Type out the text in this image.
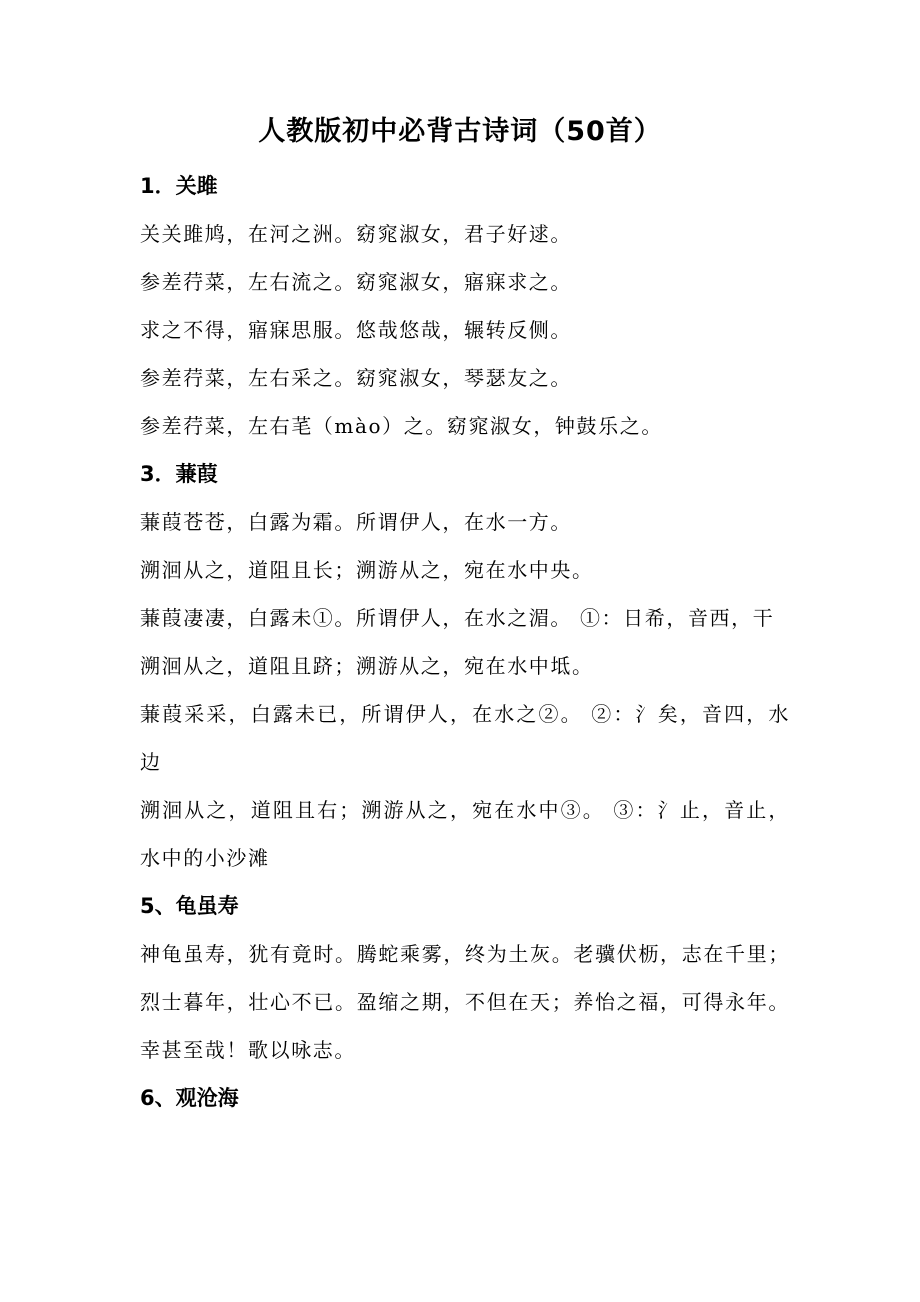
人教版初中必背古诗词（50首）
1．关雎
关关雎鸠，在河之洲。窈窕淑女，君子好逑。
参差荇菜，左右流之。窈窕淑女，寤寐求之。
求之不得，寤寐思服。悠哉悠哉，辗转反侧。
参差荇菜，左右采之。窈窕淑女，琴瑟友之。
参差荇菜，左右芼（mào）之。窈窕淑女，钟鼓乐之。
3．蒹葭
蒹葭苍苍，白露为霜。所谓伊人，在水一方。
溯洄从之，道阻且长；溯游从之，宛在水中央。
蒹葭凄凄，白露未①。所谓伊人，在水之湄。 ①：日希，音西，干
溯洄从之，道阻且跻；溯游从之，宛在水中坻。
蒹葭采采，白露未已，所谓伊人，在水之②。 ②：氵矣，音四，水边
溯洄从之，道阻且右；溯游从之，宛在水中③。 ③：氵止，音止，水中的小沙滩
5、龟虽寿
神龟虽寿，犹有竟时。腾蛇乘雾，终为土灰。老骥伏枥，志在千里；烈士暮年，壮心不已。盈缩之期，不但在天；养怡之福，可得永年。幸甚至哉！歌以咏志。
6、观沧海
